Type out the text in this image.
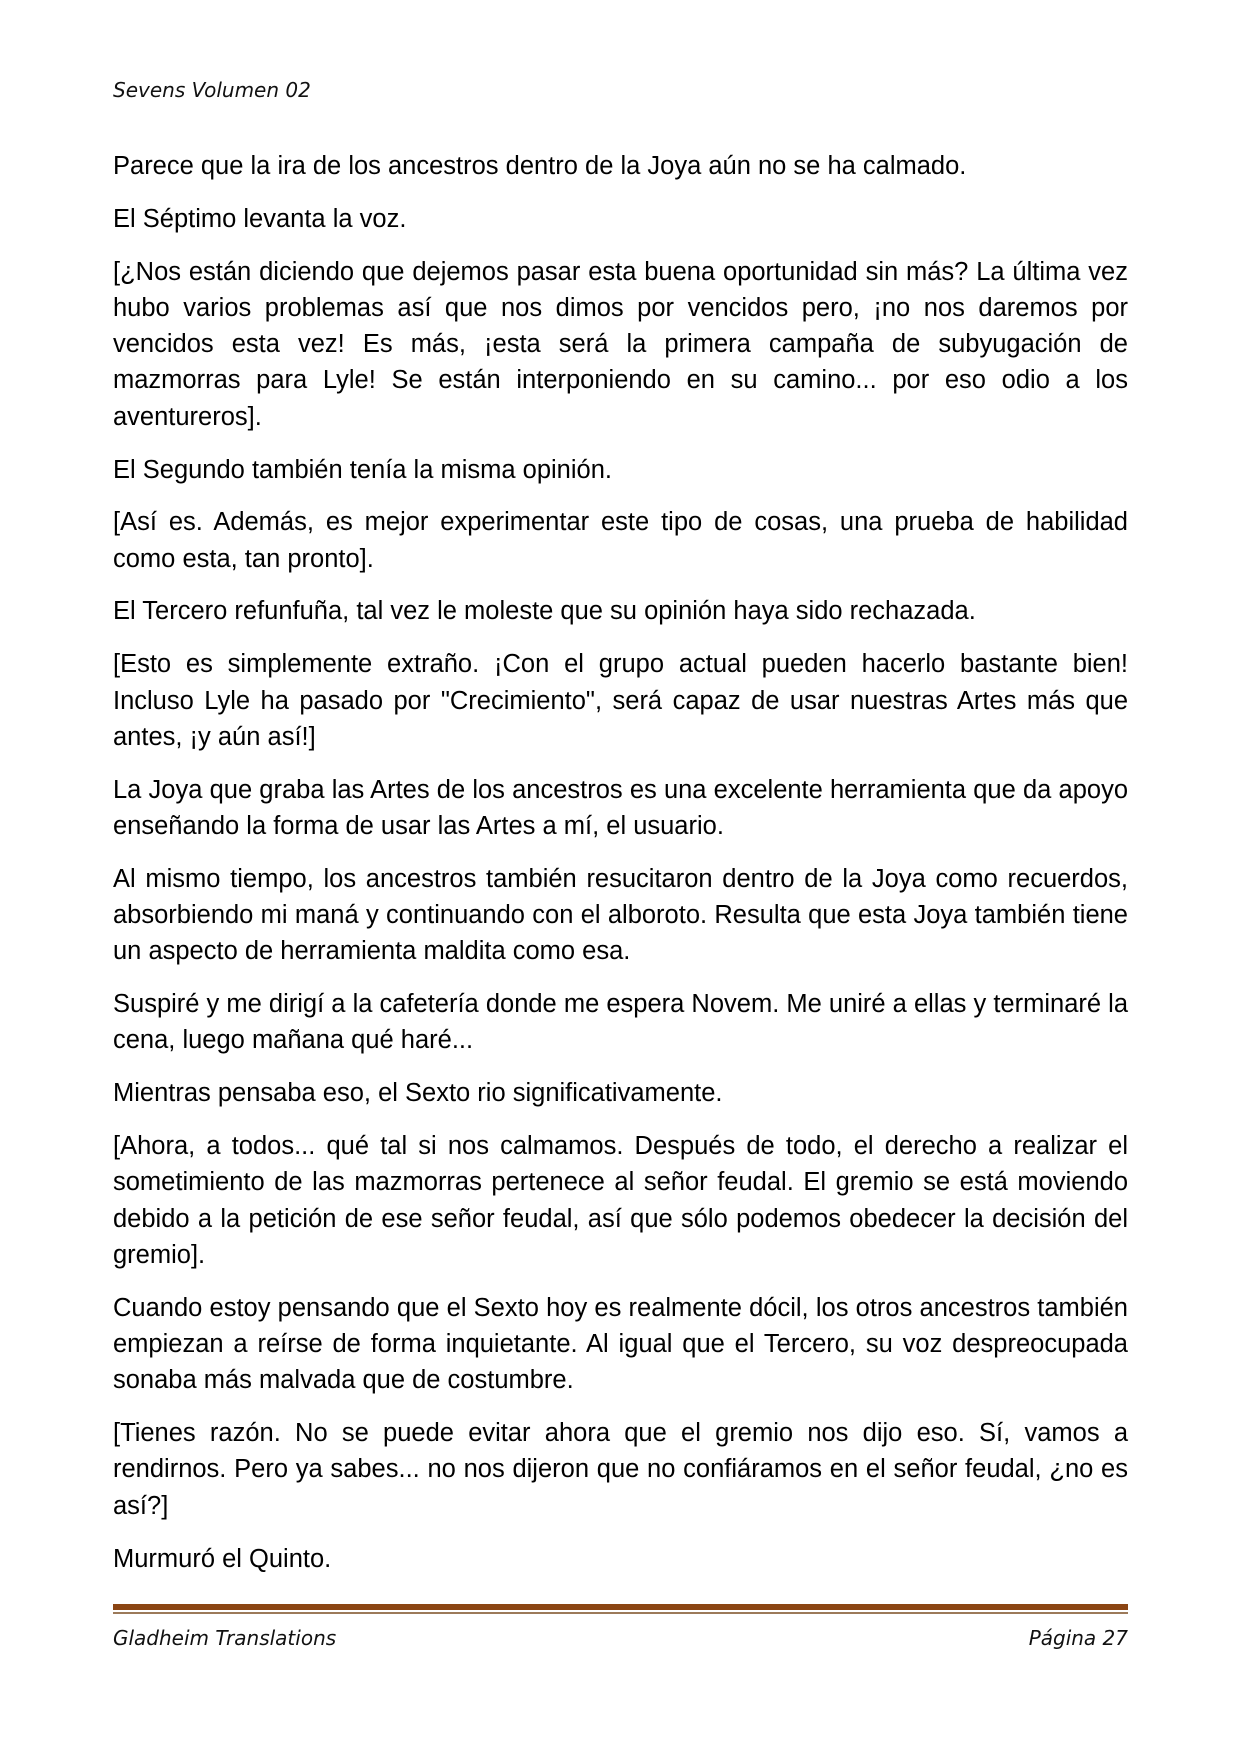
Sevens Volumen 02

Parece que la ira de los ancestros dentro de la Joya aún no se ha calmado.

El Séptimo levanta la voz.

[¿Nos están diciendo que dejemos pasar esta buena oportunidad sin más? La última vez hubo varios problemas así que nos dimos por vencidos pero, ¡no nos daremos por vencidos esta vez! Es más, ¡esta será la primera campaña de subyugación de mazmorras para Lyle! Se están interponiendo en su camino... por eso odio a los aventureros].

El Segundo también tenía la misma opinión.

[Así es. Además, es mejor experimentar este tipo de cosas, una prueba de habilidad como esta, tan pronto].

El Tercero refunfuña, tal vez le moleste que su opinión haya sido rechazada.

[Esto es simplemente extraño. ¡Con el grupo actual pueden hacerlo bastante bien! Incluso Lyle ha pasado por "Crecimiento", será capaz de usar nuestras Artes más que antes, ¡y aún así!]

La Joya que graba las Artes de los ancestros es una excelente herramienta que da apoyo enseñando la forma de usar las Artes a mí, el usuario.

Al mismo tiempo, los ancestros también resucitaron dentro de la Joya como recuerdos, absorbiendo mi maná y continuando con el alboroto. Resulta que esta Joya también tiene un aspecto de herramienta maldita como esa.

Suspiré y me dirigí a la cafetería donde me espera Novem. Me uniré a ellas y terminaré la cena, luego mañana qué haré...

Mientras pensaba eso, el Sexto rio significativamente.

[Ahora, a todos... qué tal si nos calmamos. Después de todo, el derecho a realizar el sometimiento de las mazmorras pertenece al señor feudal. El gremio se está moviendo debido a la petición de ese señor feudal, así que sólo podemos obedecer la decisión del gremio].

Cuando estoy pensando que el Sexto hoy es realmente dócil, los otros ancestros también empiezan a reírse de forma inquietante. Al igual que el Tercero, su voz despreocupada sonaba más malvada que de costumbre.

[Tienes razón. No se puede evitar ahora que el gremio nos dijo eso. Sí, vamos a rendirnos. Pero ya sabes... no nos dijeron que no confiáramos en el señor feudal, ¿no es así?]

Murmuró el Quinto.

Gladheim Translations	Página 27
